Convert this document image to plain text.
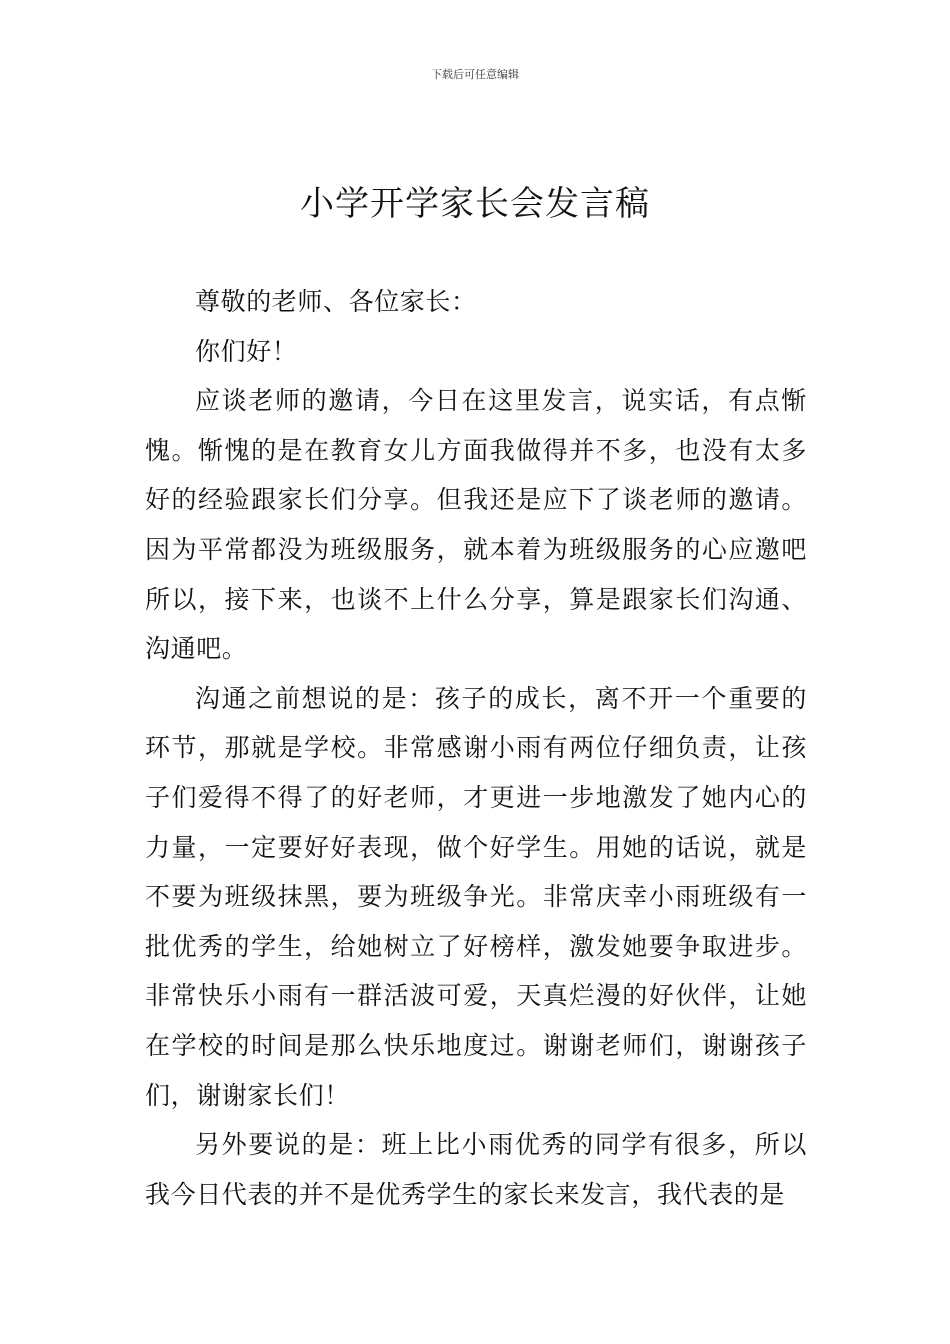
下载后可任意编辑
小学开学家长会发言稿

尊敬的老师、各位家长：

你们好！

应谈老师的邀请，今日在这里发言，说实话，有点惭愧。惭愧的是在教育女儿方面我做得并不多，也没有太多好的经验跟家长们分享。但我还是应下了谈老师的邀请。因为平常都没为班级服务，就本着为班级服务的心应邀吧所以，接下来，也谈不上什么分享，算是跟家长们沟通、沟通吧。

沟通之前想说的是：孩子的成长，离不开一个重要的环节，那就是学校。非常感谢小雨有两位仔细负责，让孩子们爱得不得了的好老师，才更进一步地激发了她内心的力量，一定要好好表现，做个好学生。用她的话说，就是不要为班级抹黑，要为班级争光。非常庆幸小雨班级有一批优秀的学生，给她树立了好榜样，激发她要争取进步。非常快乐小雨有一群活波可爱，天真烂漫的好伙伴，让她在学校的时间是那么快乐地度过。谢谢老师们，谢谢孩子们，谢谢家长们！

另外要说的是：班上比小雨优秀的同学有很多，所以我今日代表的并不是优秀学生的家长来发言，我代表的是
